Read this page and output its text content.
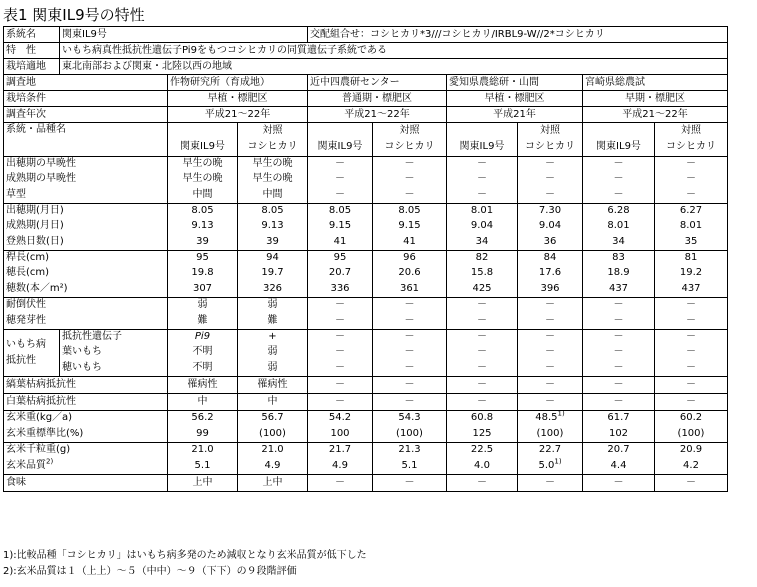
表1 関東IL9号の特性
系統名	関東IL9号			交配組合せ：コシヒカリ*3///コシヒカリ/IRBL9-W//2*コシヒカリ					
特　性	いもち病真性抵抗性遺伝子Pi9をもつコシヒカリの同質遺伝子系統である								
栽培適地	東北南部および関東・北陸以西の地域								
調査地		作物研究所（育成地）		近中四農研センター		愛知県農総研・山間		宮崎県総農試	
栽培条件		早植・標肥区		普通期・標肥区		早植・標肥区		早期・標肥区	
調査年次		平成21～22年		平成21～22年		平成21年		平成21～22年	
系統・品種名			対照		対照		対照		対照
		関東IL9号	コシヒカリ	関東IL9号	コシヒカリ	関東IL9号	コシヒカリ	関東IL9号	コシヒカリ
出穂期の早晩性		早生の晩	早生の晩	－	－	－	－	－	－
成熟期の早晩性		早生の晩	早生の晩	－	－	－	－	－	－
草型		中間	中間	－	－	－	－	－	－
出穂期(月日)		8.05	8.05	8.05	8.05	8.01	7.30	6.28	6.27
成熟期(月日)		9.13	9.13	9.15	9.15	9.04	9.04	8.01	8.01
登熟日数(日)		39	39	41	41	34	36	34	35
稈長(cm)		95	94	95	96	82	84	83	81
穂長(cm)		19.8	19.7	20.7	20.6	15.8	17.6	18.9	19.2
穂数(本／m²)		307	326	336	361	425	396	437	437
耐倒伏性		弱	弱	－	－	－	－	－	－
穂発芽性		難	難	－	－	－	－	－	－

いもち病
抵抗性	抵抗性遺伝子	Pi9	+	－	－	－	－	－	－
	葉いもち	不明	弱	－	－	－	－	－	－
	穂いもち	不明	弱	－	－	－	－	－	－
縞葉枯病抵抗性		罹病性	罹病性	－	－	－	－	－	－
白葉枯病抵抗性		中	中	－	－	－	－	－	－
玄米重(kg／a)		56.2	56.7	54.2	54.3	60.8	48.5$^{1)}$	61.7	60.2
玄米重標準比(%)		99	(100)	100	(100)	125	(100)	102	(100)
玄米千粒重(g)		21.0	21.0	21.7	21.3	22.5	22.7	20.7	20.9
玄米品質$^{2)}$		5.1	4.9	4.9	5.1	4.0	5.0$^{1)}$	4.4	4.2
食味		上中	上中	－	－	－	－	－	－
1):比較品種「コシヒカリ」はいもち病多発のため減収となり玄米品質が低下した
2):玄米品質は１（上上）～５（中中）～９（下下）の９段階評価
